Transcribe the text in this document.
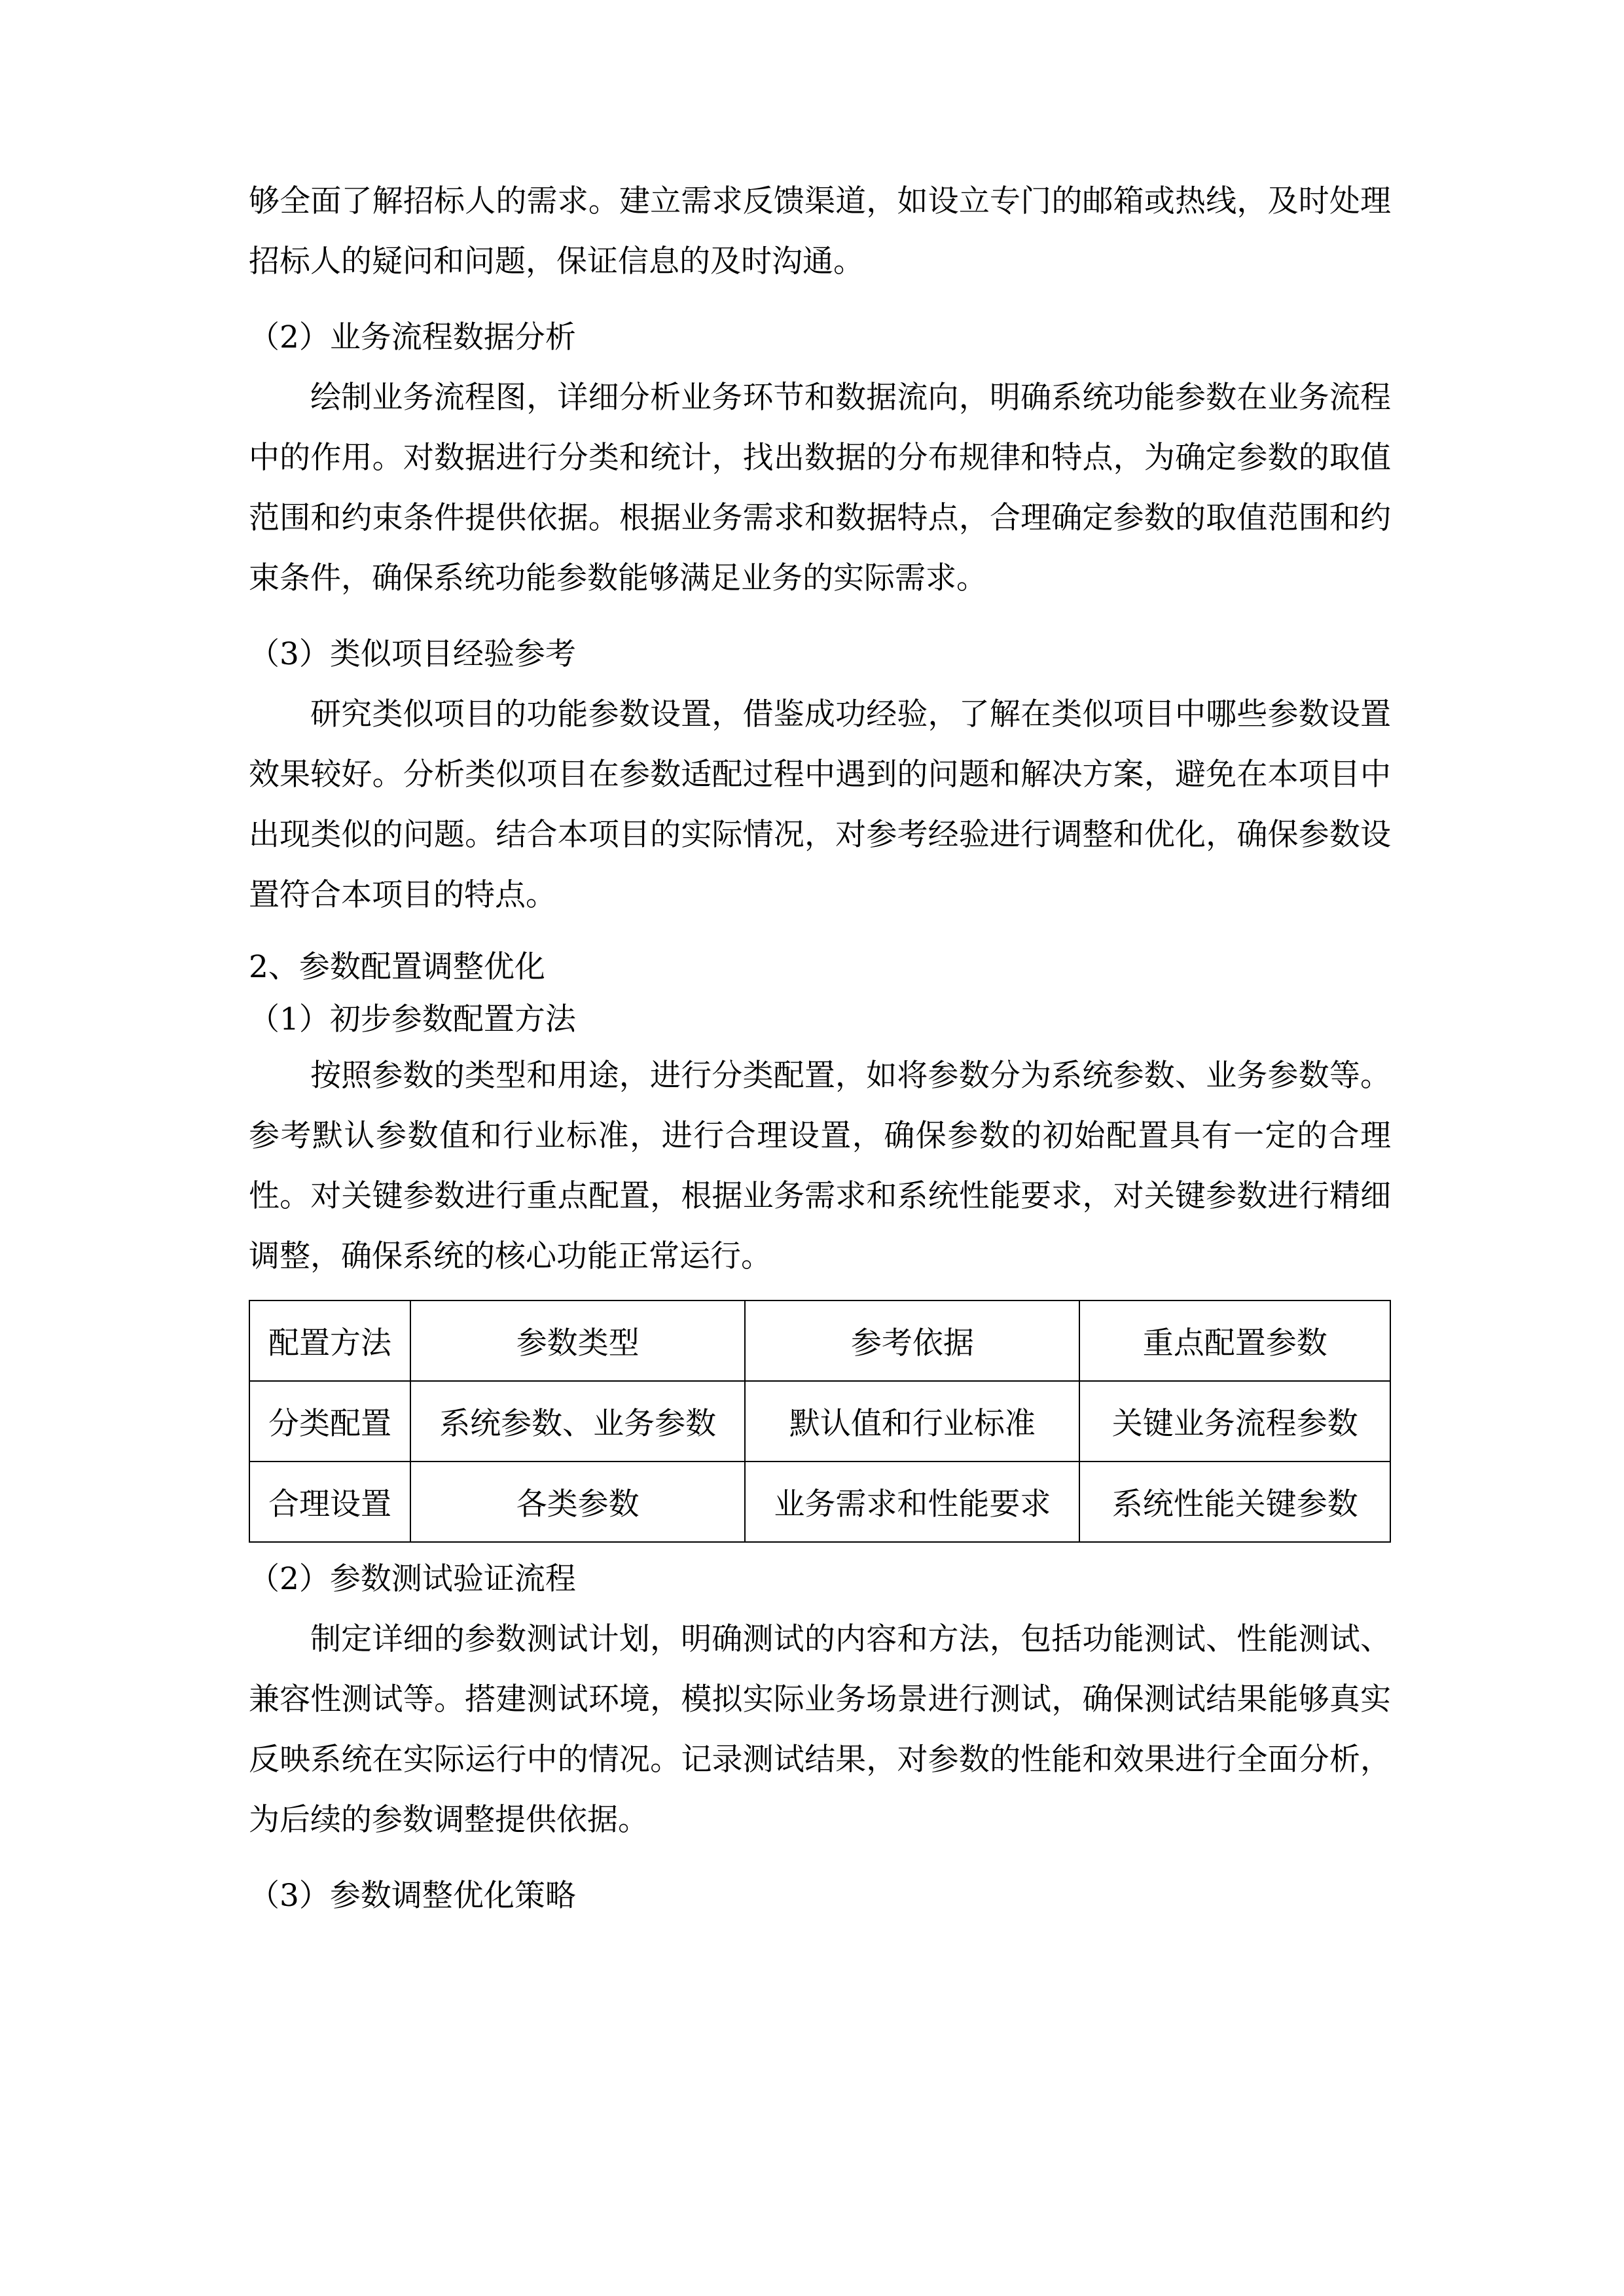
够全面了解招标人的需求。建立需求反馈渠道，如设立专门的邮箱或热线，及时处理招标人的疑问和问题，保证信息的及时沟通。

（2）业务流程数据分析

绘制业务流程图，详细分析业务环节和数据流向，明确系统功能参数在业务流程中的作用。对数据进行分类和统计，找出数据的分布规律和特点，为确定参数的取值范围和约束条件提供依据。根据业务需求和数据特点，合理确定参数的取值范围和约束条件，确保系统功能参数能够满足业务的实际需求。

（3）类似项目经验参考

研究类似项目的功能参数设置，借鉴成功经验，了解在类似项目中哪些参数设置效果较好。分析类似项目在参数适配过程中遇到的问题和解决方案，避免在本项目中出现类似的问题。结合本项目的实际情况，对参考经验进行调整和优化，确保参数设置符合本项目的特点。

2、参数配置调整优化

（1）初步参数配置方法

按照参数的类型和用途，进行分类配置，如将参数分为系统参数、业务参数等。参考默认参数值和行业标准，进行合理设置，确保参数的初始配置具有一定的合理性。对关键参数进行重点配置，根据业务需求和系统性能要求，对关键参数进行精细调整，确保系统的核心功能正常运行。

配置方法	参数类型	参考依据	重点配置参数
分类配置	系统参数、业务参数	默认值和行业标准	关键业务流程参数
合理设置	各类参数	业务需求和性能要求	系统性能关键参数

（2）参数测试验证流程

制定详细的参数测试计划，明确测试的内容和方法，包括功能测试、性能测试、兼容性测试等。搭建测试环境，模拟实际业务场景进行测试，确保测试结果能够真实反映系统在实际运行中的情况。记录测试结果，对参数的性能和效果进行全面分析，为后续的参数调整提供依据。

（3）参数调整优化策略
